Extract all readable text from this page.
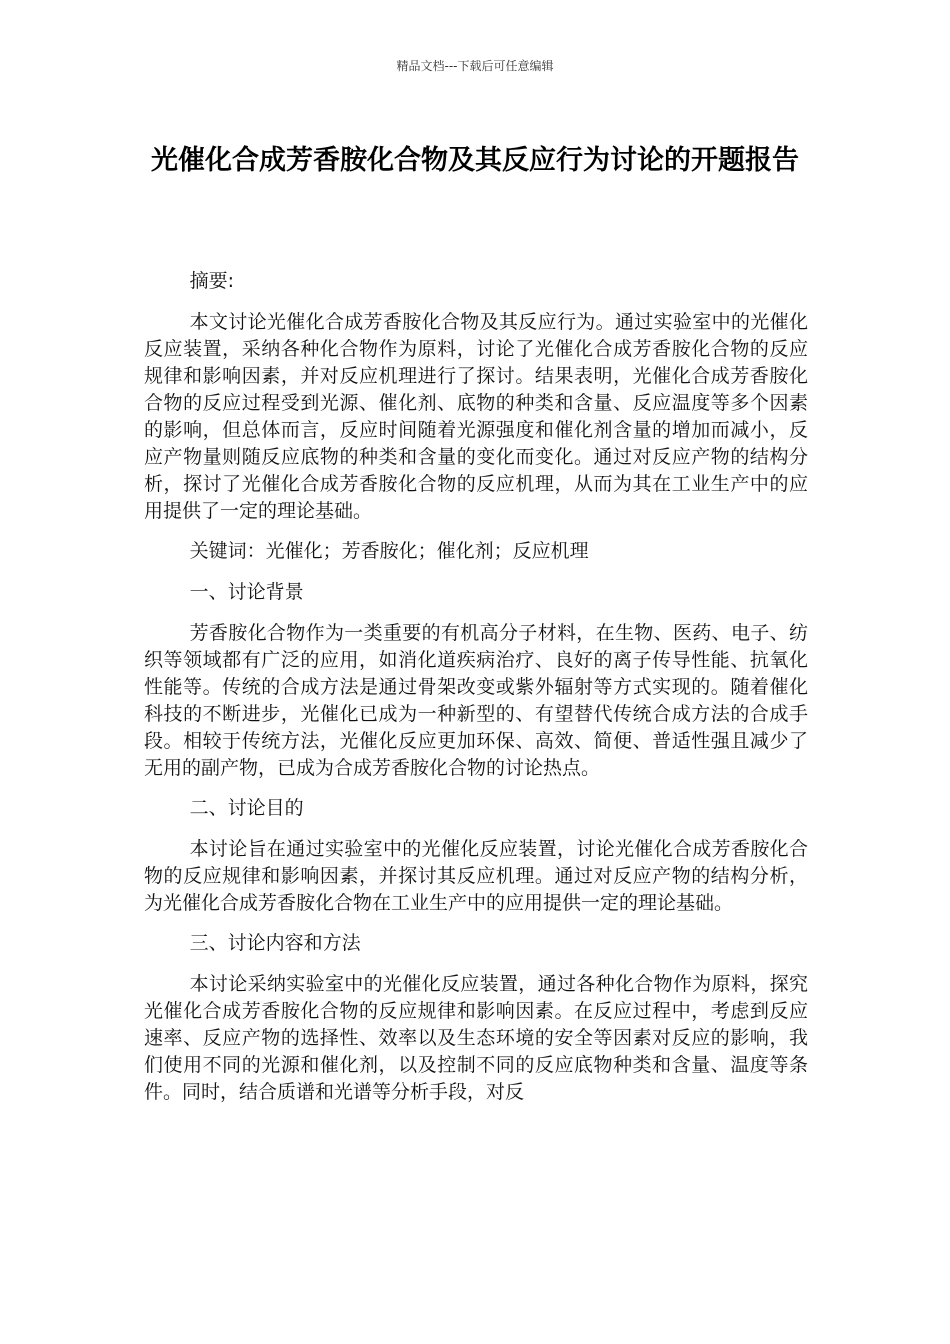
精品文档---下载后可任意编辑
光催化合成芳香胺化合物及其反应行为讨论的开题报告

摘要:

本文讨论光催化合成芳香胺化合物及其反应行为。通过实验室中的光催化反应装置，采纳各种化合物作为原料，讨论了光催化合成芳香胺化合物的反应规律和影响因素，并对反应机理进行了探讨。结果表明，光催化合成芳香胺化合物的反应过程受到光源、催化剂、底物的种类和含量、反应温度等多个因素的影响，但总体而言，反应时间随着光源强度和催化剂含量的增加而减小，反应产物量则随反应底物的种类和含量的变化而变化。通过对反应产物的结构分析，探讨了光催化合成芳香胺化合物的反应机理，从而为其在工业生产中的应用提供了一定的理论基础。

关键词：光催化；芳香胺化；催化剂；反应机理

一、讨论背景

芳香胺化合物作为一类重要的有机高分子材料，在生物、医药、电子、纺织等领域都有广泛的应用，如消化道疾病治疗、良好的离子传导性能、抗氧化性能等。传统的合成方法是通过骨架改变或紫外辐射等方式实现的。随着催化科技的不断进步，光催化已成为一种新型的、有望替代传统合成方法的合成手段。相较于传统方法，光催化反应更加环保、高效、简便、普适性强且减少了无用的副产物，已成为合成芳香胺化合物的讨论热点。

二、讨论目的

本讨论旨在通过实验室中的光催化反应装置，讨论光催化合成芳香胺化合物的反应规律和影响因素，并探讨其反应机理。通过对反应产物的结构分析，为光催化合成芳香胺化合物在工业生产中的应用提供一定的理论基础。

三、讨论内容和方法

本讨论采纳实验室中的光催化反应装置，通过各种化合物作为原料，探究光催化合成芳香胺化合物的反应规律和影响因素。在反应过程中，考虑到反应速率、反应产物的选择性、效率以及生态环境的安全等因素对反应的影响，我们使用不同的光源和催化剂，以及控制不同的反应底物种类和含量、温度等条件。同时，结合质谱和光谱等分析手段，对反
